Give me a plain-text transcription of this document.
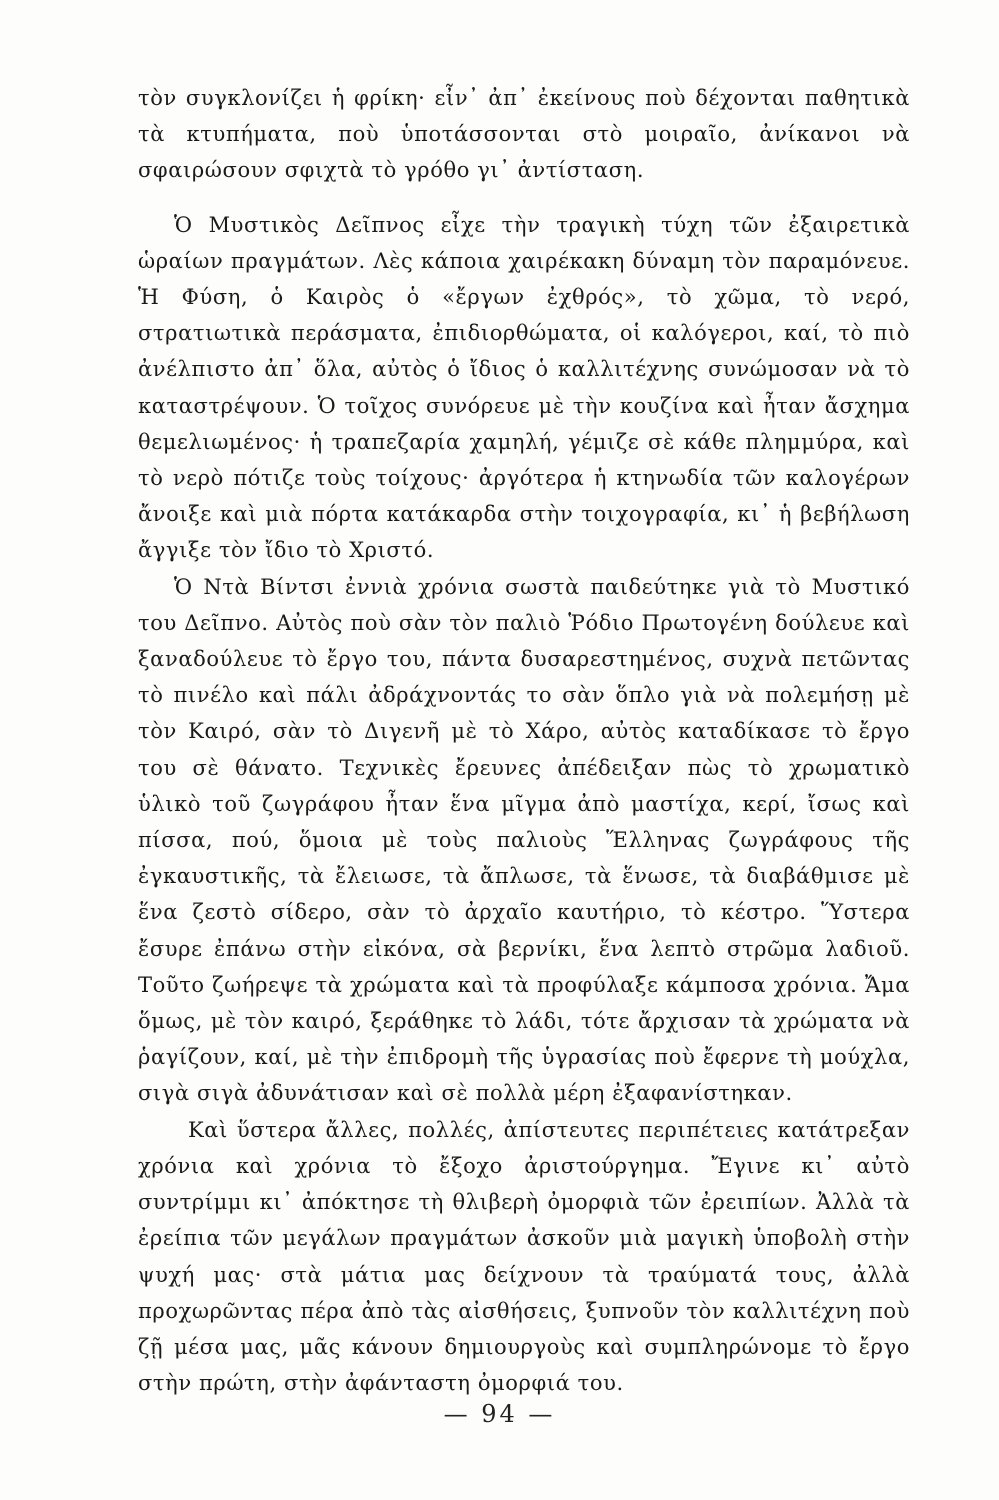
τὸν συγκλονίζει ἡ φρίκη· εἶν᾽ ἀπ᾽ ἐκείνους ποὺ δέχονται παθητικὰ τὰ κτυπήματα, ποὺ ὑποτάσσονται στὸ μοιραῖο, ἀνίκανοι νὰ σφαιρώσουν σφιχτὰ τὸ γρόθο γι᾽ ἀντίσταση.

Ὁ Μυστικὸς Δεῖπνος εἶχε τὴν τραγικὴ τύχη τῶν ἐξαιρετικὰ ὡραίων πραγμάτων. Λὲς κάποια χαιρέκακη δύναμη τὸν παραμόνευε. Ἡ Φύση, ὁ Καιρὸς ὁ «ἔργων ἐχθρός», τὸ χῶμα, τὸ νερό, στρατιωτικὰ περάσματα, ἐπιδιορθώματα, οἱ καλόγεροι, καί, τὸ πιὸ ἀνέλπιστο ἀπ᾽ ὅλα, αὐτὸς ὁ ἴδιος ὁ καλλιτέχνης συνώμοσαν νὰ τὸ καταστρέψουν. Ὁ τοῖχος συνόρευε μὲ τὴν κουζίνα καὶ ἦταν ἄσχημα θεμελιωμένος· ἡ τραπεζαρία χαμηλή, γέμιζε σὲ κάθε πλημμύρα, καὶ τὸ νερὸ πότιζε τοὺς τοίχους· ἀργότερα ἡ κτηνωδία τῶν καλογέρων ἄνοιξε καὶ μιὰ πόρτα κατάκαρδα στὴν τοιχογραφία, κι᾽ ἡ βεβήλωση ἄγγιξε τὸν ἴδιο τὸ Χριστό.

Ὁ Ντὰ Βίντσι ἐννιὰ χρόνια σωστὰ παιδεύτηκε γιὰ τὸ Μυστικό του Δεῖπνο. Αὐτὸς ποὺ σὰν τὸν παλιὸ Ῥόδιο Πρωτογένη δούλευε καὶ ξαναδούλευε τὸ ἔργο του, πάντα δυσαρεστημένος, συχνὰ πετῶντας τὸ πινέλο καὶ πάλι ἀδράχνοντάς το σὰν ὅπλο γιὰ νὰ πολεμήσῃ μὲ τὸν Καιρό, σὰν τὸ Διγενῆ μὲ τὸ Χάρο, αὐτὸς καταδίκασε τὸ ἔργο του σὲ θάνατο. Τεχνικὲς ἔρευνες ἀπέδειξαν πὼς τὸ χρωματικὸ ὑλικὸ τοῦ ζωγράφου ἦταν ἕνα μῖγμα ἀπὸ μαστίχα, κερί, ἴσως καὶ πίσσα, πού, ὅμοια μὲ τοὺς παλιοὺς Ἕλληνας ζωγράφους τῆς ἐγκαυστικῆς, τὰ ἔλειωσε, τὰ ἄπλωσε, τὰ ἕνωσε, τὰ διαβάθμισε μὲ ἕνα ζεστὸ σίδερο, σὰν τὸ ἀρχαῖο καυτήριο, τὸ κέστρο. Ὕστερα ἔσυρε ἐπάνω στὴν εἰκόνα, σὰ βερνίκι, ἕνα λεπτὸ στρῶμα λαδιοῦ. Τοῦτο ζωήρεψε τὰ χρώματα καὶ τὰ προφύλαξε κάμποσα χρόνια. Ἄμα ὅμως, μὲ τὸν καιρό, ξεράθηκε τὸ λάδι, τότε ἄρχισαν τὰ χρώματα νὰ ῥαγίζουν, καί, μὲ τὴν ἐπιδρομὴ τῆς ὑγρασίας ποὺ ἔφερνε τὴ μούχλα, σιγὰ σιγὰ ἀδυνάτισαν καὶ σὲ πολλὰ μέρη ἐξαφανίστηκαν.

Καὶ ὕστερα ἄλλες, πολλές, ἀπίστευτες περιπέτειες κατάτρεξαν χρόνια καὶ χρόνια τὸ ἔξοχο ἀριστούργημα. Ἔγινε κι᾽ αὐτὸ συντρίμμι κι᾽ ἀπόκτησε τὴ θλιβερὴ ὀμορφιὰ τῶν ἐρειπίων. Ἀλλὰ τὰ ἐρείπια τῶν μεγάλων πραγμάτων ἀσκοῦν μιὰ μαγικὴ ὑποβολὴ στὴν ψυχή μας· στὰ μάτια μας δείχνουν τὰ τραύματά τους, ἀλλὰ προχωρῶντας πέρα ἀπὸ τὰς αἰσθήσεις, ξυπνοῦν τὸν καλλιτέχνη ποὺ ζῇ μέσα μας, μᾶς κάνουν δημιουργοὺς καὶ συμπληρώνομε τὸ ἔργο στὴν πρώτη, στὴν ἀφάνταστη ὀμορφιά του.

— 94 —
